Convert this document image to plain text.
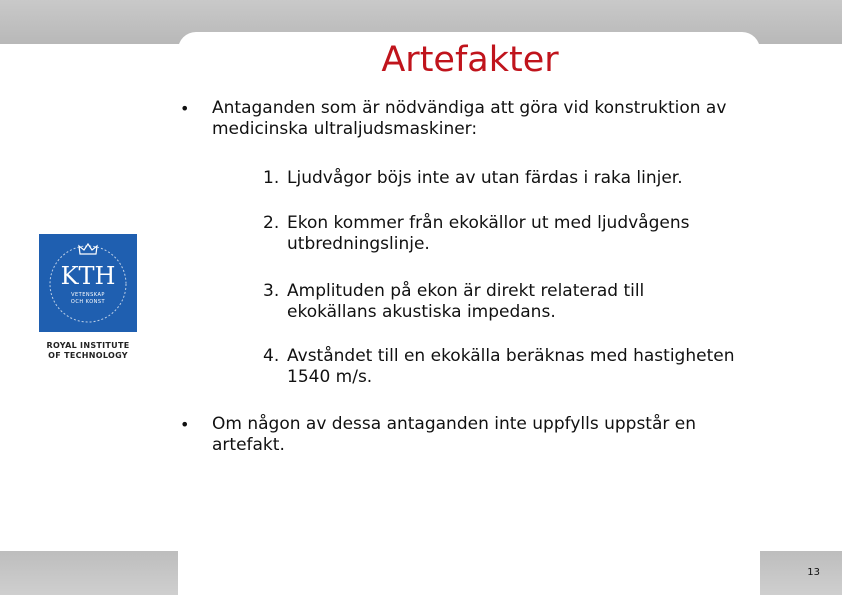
Artefakter
• Antaganden som är nödvändiga att göra vid konstruktion av medicinska ultraljudsmaskiner:
1. Ljudvågor böjs inte av utan färdas i raka linjer.
2. Ekon kommer från ekokällor ut med ljudvågens utbredningslinje.
3. Amplituden på ekon är direkt relaterad till ekokällans akustiska impedans.
4. Avståndet till en ekokälla beräknas med hastigheten 1540 m/s.
• Om någon av dessa antaganden inte uppfylls uppstår en artefakt.
KTH
VETENSKAP
OCH KONST
ROYAL INSTITUTE
OF TECHNOLOGY
13
